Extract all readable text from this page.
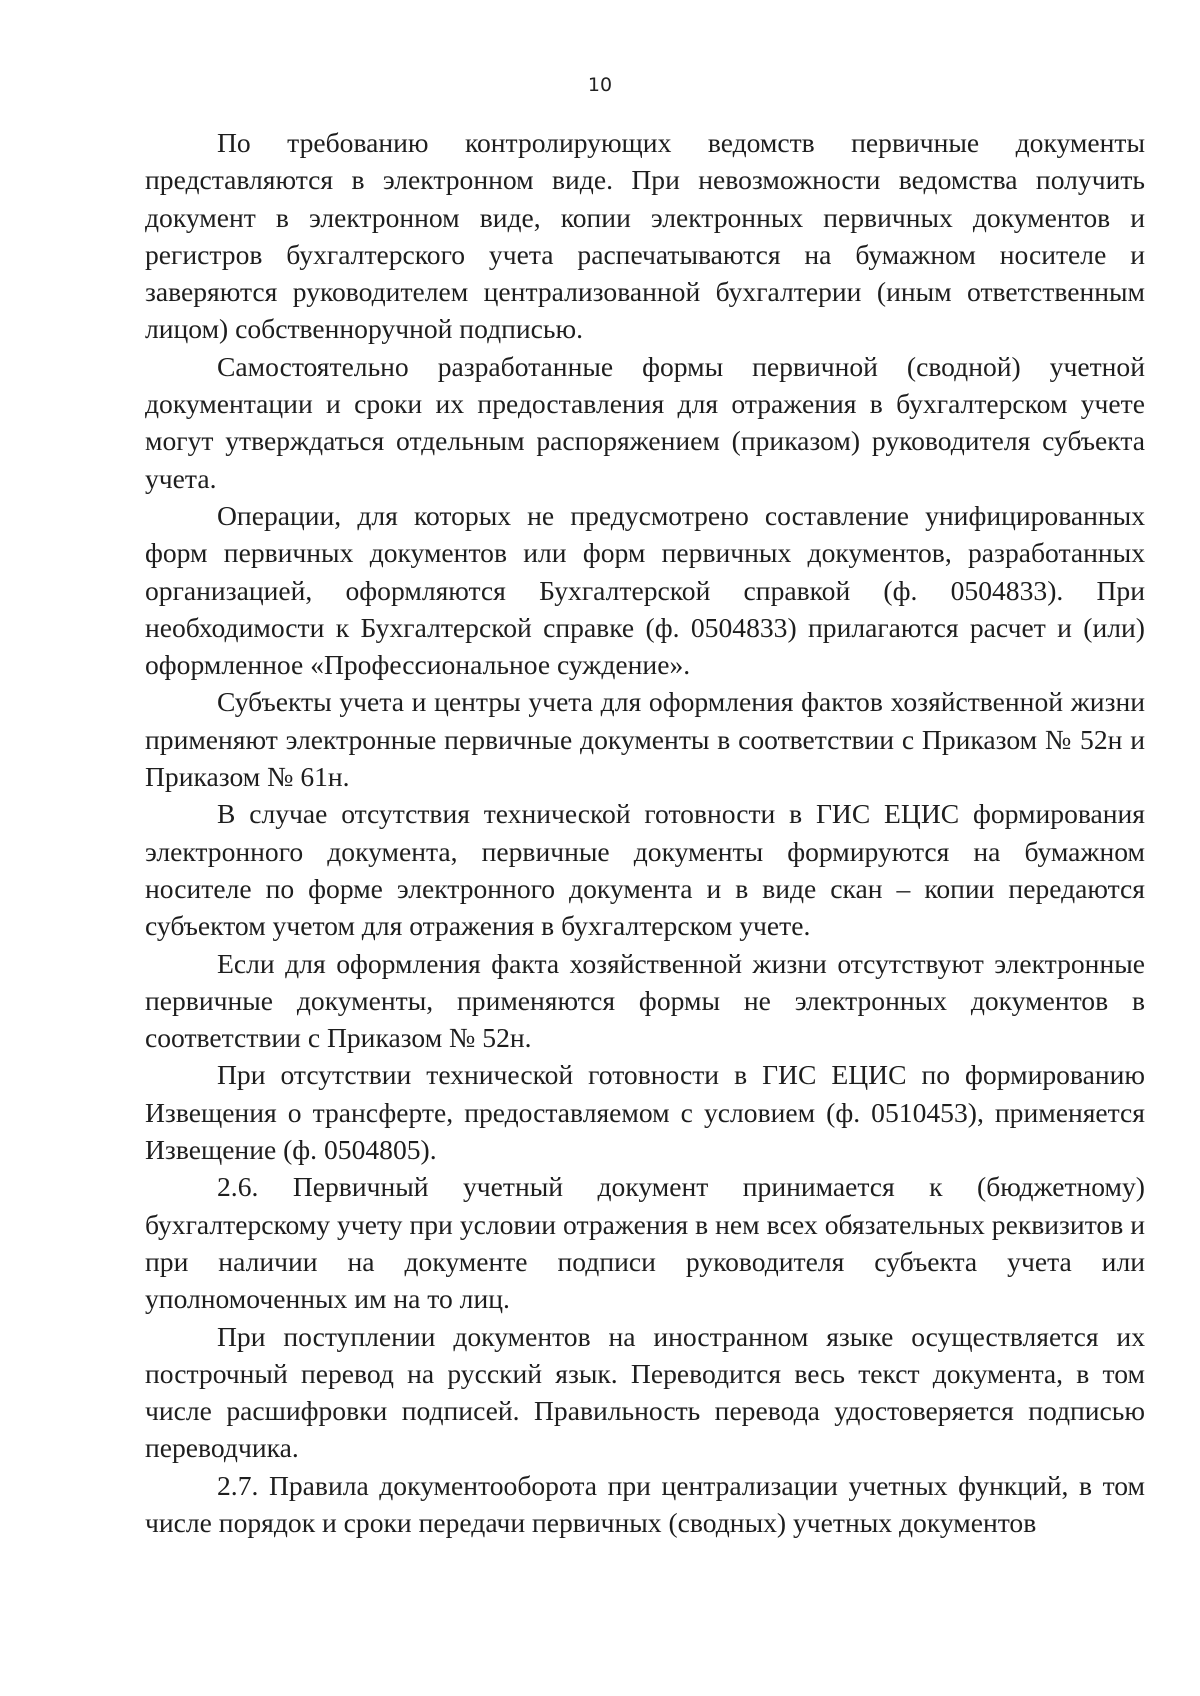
10

По требованию контролирующих ведомств первичные документы представляются в электронном виде. При невозможности ведомства получить документ в электронном виде, копии электронных первичных документов и регистров бухгалтерского учета распечатываются на бумажном носителе и заверяются руководителем централизованной бухгалтерии (иным ответственным лицом) собственноручной подписью.

Самостоятельно разработанные формы первичной (сводной) учетной документации и сроки их предоставления для отражения в бухгалтерском учете могут утверждаться отдельным распоряжением (приказом) руководителя субъекта учета.

Операции, для которых не предусмотрено составление унифицированных форм первичных документов или форм первичных документов, разработанных организацией, оформляются Бухгалтерской справкой (ф. 0504833). При необходимости к Бухгалтерской справке (ф. 0504833) прилагаются расчет и (или) оформленное «Профессиональное суждение».

Субъекты учета и центры учета для оформления фактов хозяйственной жизни применяют электронные первичные документы в соответствии с Приказом № 52н и Приказом № 61н.

В случае отсутствия технической готовности в ГИС ЕЦИС формирования электронного документа, первичные документы формируются на бумажном носителе по форме электронного документа и в виде скан – копии передаются субъектом учетом для отражения в бухгалтерском учете.

Если для оформления факта хозяйственной жизни отсутствуют электронные первичные документы, применяются формы не электронных документов в соответствии с Приказом № 52н.

При отсутствии технической готовности в ГИС ЕЦИС по формированию Извещения о трансферте, предоставляемом с условием (ф. 0510453), применяется Извещение (ф. 0504805).

2.6. Первичный учетный документ принимается к (бюджетному) бухгалтерскому учету при условии отражения в нем всех обязательных реквизитов и при наличии на документе подписи руководителя субъекта учета или уполномоченных им на то лиц.

При поступлении документов на иностранном языке осуществляется их построчный перевод на русский язык. Переводится весь текст документа, в том числе расшифровки подписей. Правильность перевода удостоверяется подписью переводчика.

2.7. Правила документооборота при централизации учетных функций, в том числе порядок и сроки передачи первичных (сводных) учетных документов
